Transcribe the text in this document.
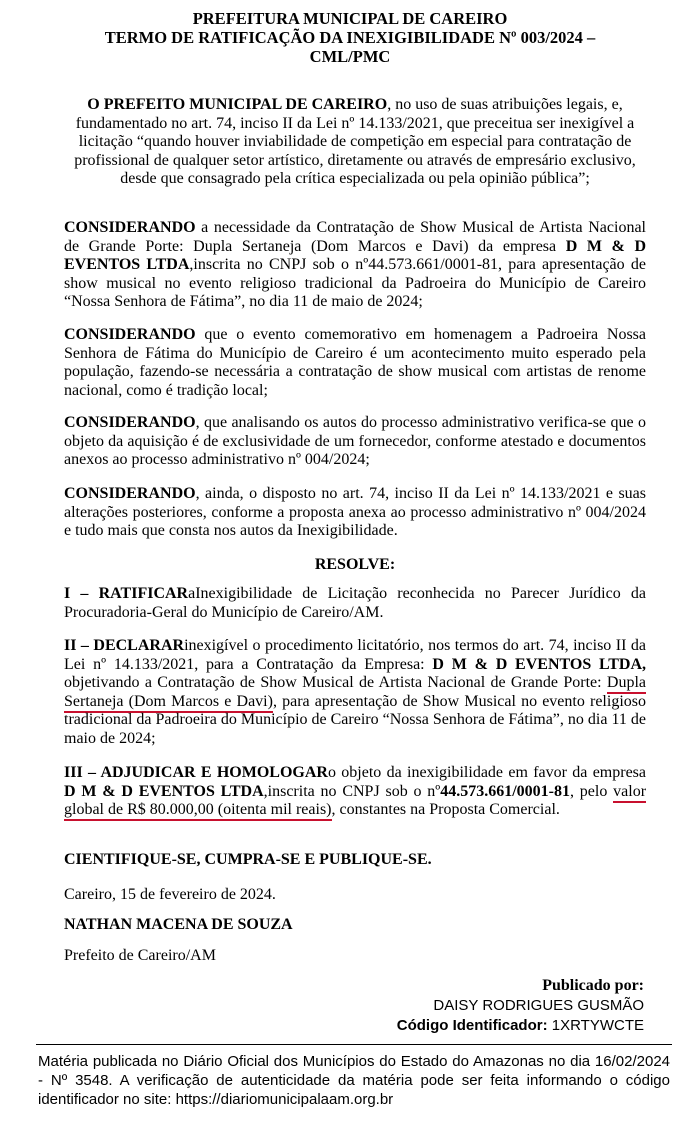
PREFEITURA MUNICIPAL DE CAREIRO
TERMO DE RATIFICAÇÃO DA INEXIGIBILIDADE Nº 003/2024 –
CML/PMC
O PREFEITO MUNICIPAL DE CAREIRO, no uso de suas atribuições legais, e, fundamentado no art. 74, inciso II da Lei nº 14.133/2021, que preceitua ser inexigível a licitação “quando houver inviabilidade de competição em especial para contratação de profissional de qualquer setor artístico, diretamente ou através de empresário exclusivo, desde que consagrado pela crítica especializada ou pela opinião pública”;
CONSIDERANDO a necessidade da Contratação de Show Musical de Artista Nacional de Grande Porte: Dupla Sertaneja (Dom Marcos e Davi) da empresa D M & D EVENTOS LTDA,inscrita no CNPJ sob o nº44.573.661/0001-81, para apresentação de show musical no evento religioso tradicional da Padroeira do Município de Careiro “Nossa Senhora de Fátima”, no dia 11 de maio de 2024;
CONSIDERANDO que o evento comemorativo em homenagem a Padroeira Nossa Senhora de Fátima do Município de Careiro é um acontecimento muito esperado pela população, fazendo-se necessária a contratação de show musical com artistas de renome nacional, como é tradição local;
CONSIDERANDO, que analisando os autos do processo administrativo verifica-se que o objeto da aquisição é de exclusividade de um fornecedor, conforme atestado e documentos anexos ao processo administrativo nº 004/2024;
CONSIDERANDO, ainda, o disposto no art. 74, inciso II da Lei nº 14.133/2021 e suas alterações posteriores, conforme a proposta anexa ao processo administrativo nº 004/2024 e tudo mais que consta nos autos da Inexigibilidade.
RESOLVE:
I – RATIFICARaInexigibilidade de Licitação reconhecida no Parecer Jurídico da Procuradoria-Geral do Município de Careiro/AM.
II – DECLARARinexigível o procedimento licitatório, nos termos do art. 74, inciso II da Lei nº 14.133/2021, para a Contratação da Empresa: D M & D EVENTOS LTDA, objetivando a Contratação de Show Musical de Artista Nacional de Grande Porte: Dupla Sertaneja (Dom Marcos e Davi), para apresentação de Show Musical no evento religioso tradicional da Padroeira do Município de Careiro “Nossa Senhora de Fátima”, no dia 11 de maio de 2024;
III – ADJUDICAR E HOMOLOGARo objeto da inexigibilidade em favor da empresa D M & D EVENTOS LTDA,inscrita no CNPJ sob o nº44.573.661/0001-81, pelo valor global de R$ 80.000,00 (oitenta mil reais), constantes na Proposta Comercial.
CIENTIFIQUE-SE, CUMPRA-SE E PUBLIQUE-SE.
Careiro, 15 de fevereiro de 2024.
NATHAN MACENA DE SOUZA
Prefeito de Careiro/AM
Publicado por:
DAISY RODRIGUES GUSMÃO
Código Identificador: 1XRTYWCTE
Matéria publicada no Diário Oficial dos Municípios do Estado do Amazonas no dia 16/02/2024 - Nº 3548. A verificação de autenticidade da matéria pode ser feita informando o código identificador no site: https://diariomunicipalaam.org.br
